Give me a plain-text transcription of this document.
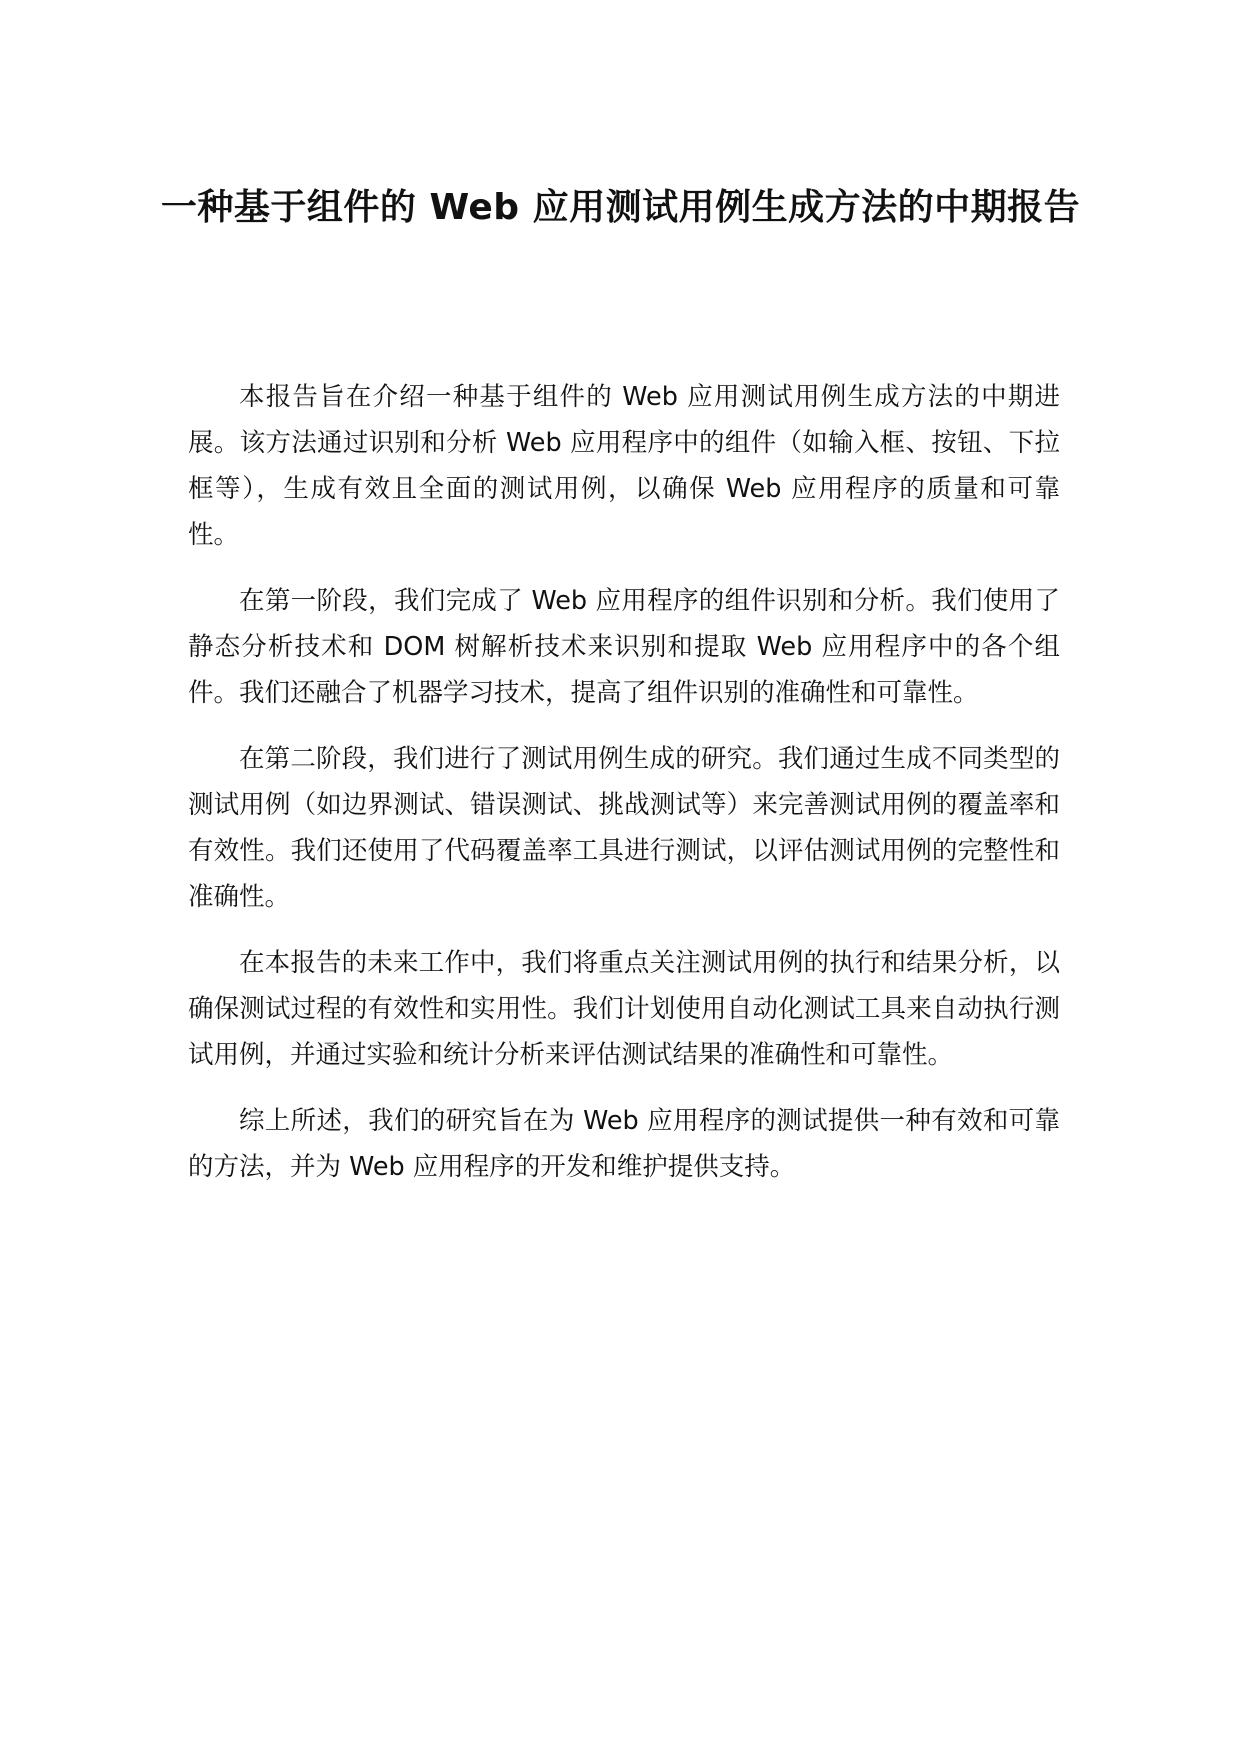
一种基于组件的 Web 应用测试用例生成方法的中期报告

本报告旨在介绍一种基于组件的 Web 应用测试用例生成方法的中期进展。该方法通过识别和分析 Web 应用程序中的组件（如输入框、按钮、下拉框等），生成有效且全面的测试用例，以确保 Web 应用程序的质量和可靠性。

在第一阶段，我们完成了 Web 应用程序的组件识别和分析。我们使用了静态分析技术和 DOM 树解析技术来识别和提取 Web 应用程序中的各个组件。我们还融合了机器学习技术，提高了组件识别的准确性和可靠性。

在第二阶段，我们进行了测试用例生成的研究。我们通过生成不同类型的测试用例（如边界测试、错误测试、挑战测试等）来完善测试用例的覆盖率和有效性。我们还使用了代码覆盖率工具进行测试，以评估测试用例的完整性和准确性。

在本报告的未来工作中，我们将重点关注测试用例的执行和结果分析，以确保测试过程的有效性和实用性。我们计划使用自动化测试工具来自动执行测试用例，并通过实验和统计分析来评估测试结果的准确性和可靠性。

综上所述，我们的研究旨在为 Web 应用程序的测试提供一种有效和可靠的方法，并为 Web 应用程序的开发和维护提供支持。
